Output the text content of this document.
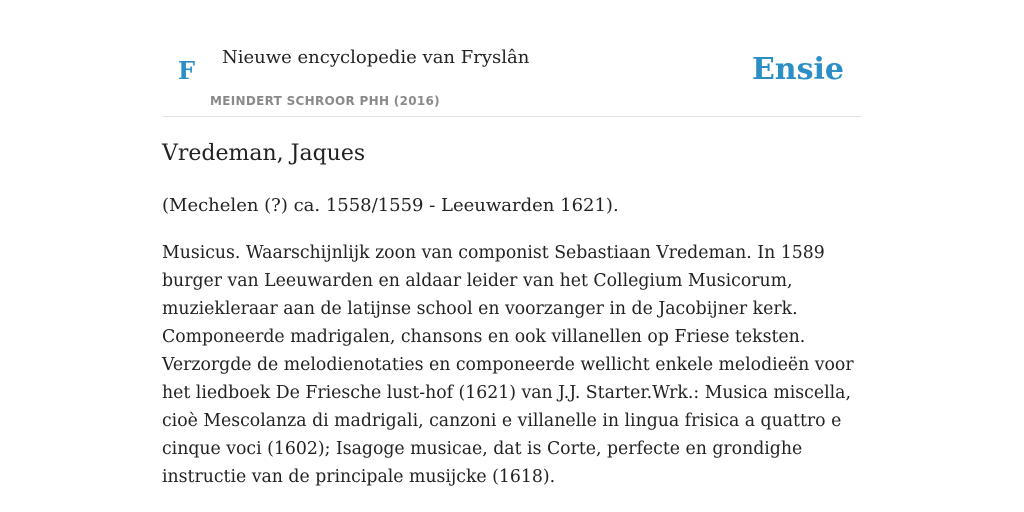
F Nieuwe encyclopedie van Fryslân
MEINDERT SCHROOR PHH (2016)
Ensie
Vredeman, Jaques

(Mechelen (?) ca. 1558/1559 - Leeuwarden 1621).

Musicus. Waarschijnlijk zoon van componist Sebastiaan Vredeman. In 1589 burger van Leeuwarden en aldaar leider van het Collegium Musicorum, muziekleraar aan de latijnse school en voorzanger in de Jacobijner kerk. Componeerde madrigalen, chansons en ook villanellen op Friese teksten. Verzorgde de melodienotaties en componeerde wellicht enkele melodieën voor het liedboek De Friesche lust-hof (1621) van J.J. Starter.Wrk.: Musica miscella, cioè Mescolanza di madrigali, canzoni e villanelle in lingua frisica a quattro e cinque voci (1602); Isagoge musicae, dat is Corte, perfecte en grondighe instructie van de principale musijcke (1618).
